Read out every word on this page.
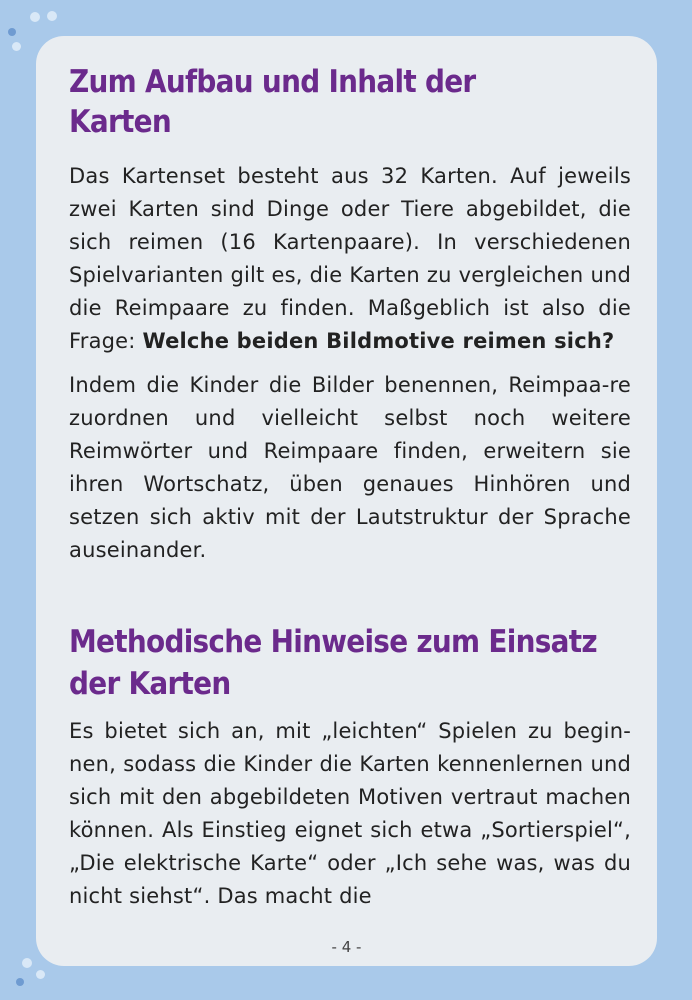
Zum Aufbau und Inhalt der Karten

Das Kartenset besteht aus 32 Karten. Auf jeweils zwei Karten sind Dinge oder Tiere abgebildet, die sich reimen (16 Kartenpaare). In verschiedenen Spielvarianten gilt es, die Karten zu vergleichen und die Reimpaare zu finden. Maßgeblich ist also die Frage: Welche beiden Bildmotive reimen sich?

Indem die Kinder die Bilder benennen, Reimpaa-re zuordnen und vielleicht selbst noch weitere Reimwörter und Reimpaare finden, erweitern sie ihren Wortschatz, üben genaues Hinhören und setzen sich aktiv mit der Lautstruktur der Sprache auseinander.

Methodische Hinweise zum Einsatz der Karten

Es bietet sich an, mit „leichten“ Spielen zu begin-nen, sodass die Kinder die Karten kennenlernen und sich mit den abgebildeten Motiven vertraut machen können. Als Einstieg eignet sich etwa „Sortierspiel“, „Die elektrische Karte“ oder „Ich sehe was, was du nicht siehst“. Das macht die

- 4 -
